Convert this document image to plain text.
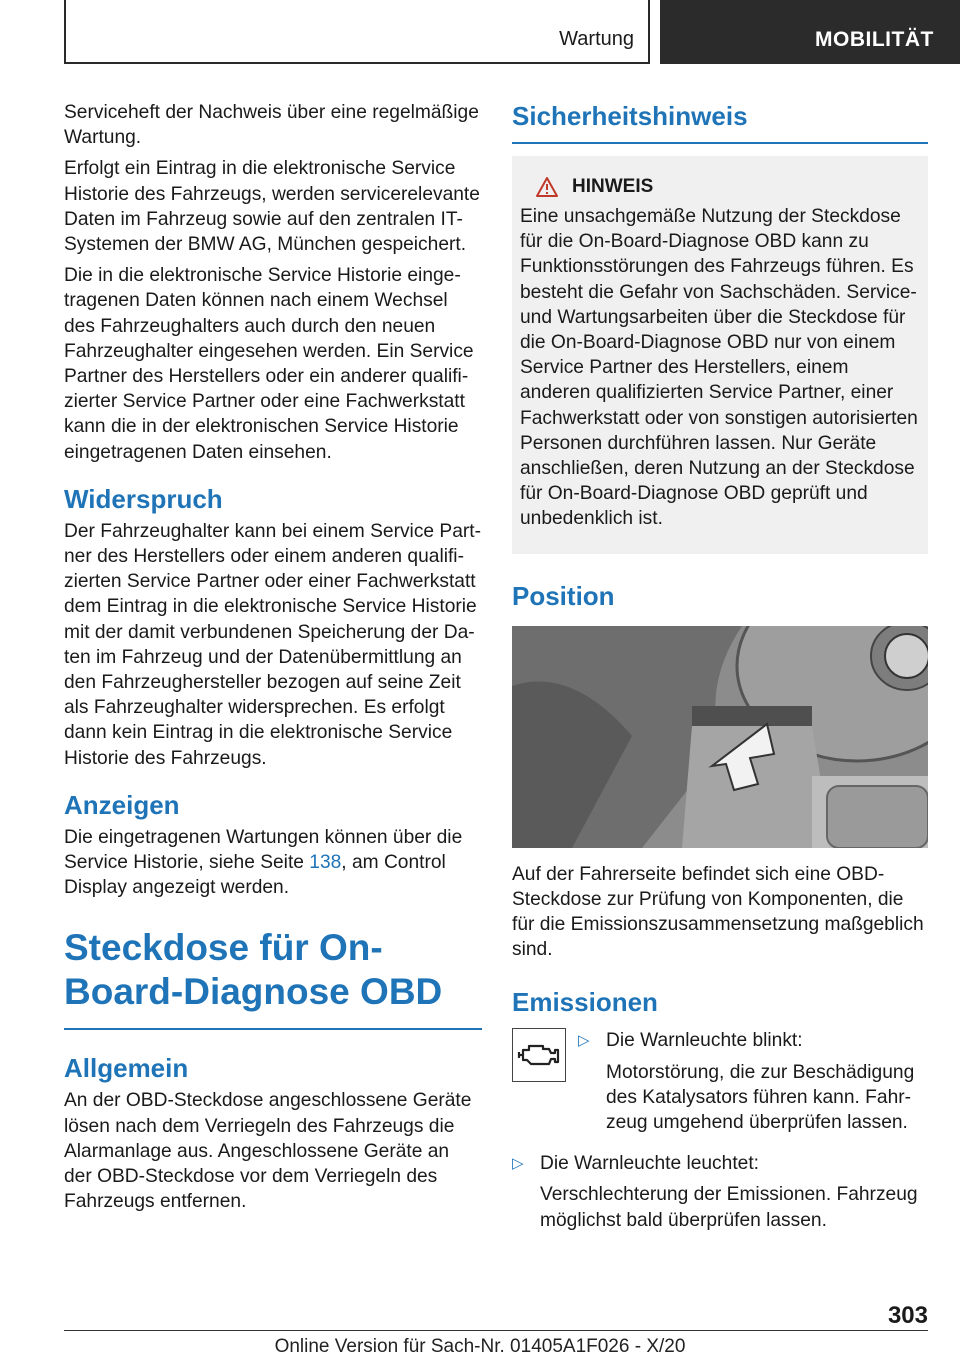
Wartung	MOBILITÄT

Serviceheft der Nachweis über eine regelmäßige Wartung.

Erfolgt ein Eintrag in die elektronische Service Historie des Fahrzeugs, werden servicerelevante Daten im Fahrzeug sowie auf den zentralen IT-Systemen der BMW AG, München gespeichert.

Die in die elektronische Service Historie eingetragenen Daten können nach einem Wechsel des Fahrzeughalters auch durch den neuen Fahrzeughalter eingesehen werden. Ein Service Partner des Herstellers oder ein anderer qualifizierter Service Partner oder eine Fachwerkstatt kann die in der elektronischen Service Historie eingetragenen Daten einsehen.

Widerspruch

Der Fahrzeughalter kann bei einem Service Partner des Herstellers oder einem anderen qualifizierten Service Partner oder einer Fachwerkstatt dem Eintrag in die elektronische Service Historie mit der damit verbundenen Speicherung der Daten im Fahrzeug und der Datenübermittlung an den Fahrzeughersteller bezogen auf seine Zeit als Fahrzeughalter widersprechen. Es erfolgt dann kein Eintrag in die elektronische Service Historie des Fahrzeugs.

Anzeigen

Die eingetragenen Wartungen können über die Service Historie, siehe Seite 138, am Control Display angezeigt werden.

Steckdose für On-Board-Diagnose OBD
Allgemein

An der OBD-Steckdose angeschlossene Geräte lösen nach dem Verriegeln des Fahrzeugs die Alarmanlage aus. Angeschlossene Geräte an der OBD-Steckdose vor dem Verriegeln des Fahrzeugs entfernen.

Sicherheitshinweis
HINWEIS

Eine unsachgemäße Nutzung der Steckdose für die On-Board-Diagnose OBD kann zu Funktionsstörungen des Fahrzeugs führen. Es besteht die Gefahr von Sachschäden. Service- und Wartungsarbeiten über die Steckdose für die On-Board-Diagnose OBD nur von einem Service Partner des Herstellers, einem anderen qualifizierten Service Partner, einer Fachwerkstatt oder von sonstigen autorisierten Personen durchführen lassen. Nur Geräte anschließen, deren Nutzung an der Steckdose für On-Board-Diagnose OBD geprüft und unbedenklich ist.

Position

Auf der Fahrerseite befindet sich eine OBD-Steckdose zur Prüfung von Komponenten, die für die Emissionszusammensetzung maßgeblich sind.

Emissionen
▷ Die Warnleuchte blinkt:

Motorstörung, die zur Beschädigung des Katalysators führen kann. Fahrzeug umgehend überprüfen lassen.

▷ Die Warnleuchte leuchtet:

Verschlechterung der Emissionen. Fahrzeug möglichst bald überprüfen lassen.

303
Online Version für Sach-Nr. 01405A1F026 - X/20
